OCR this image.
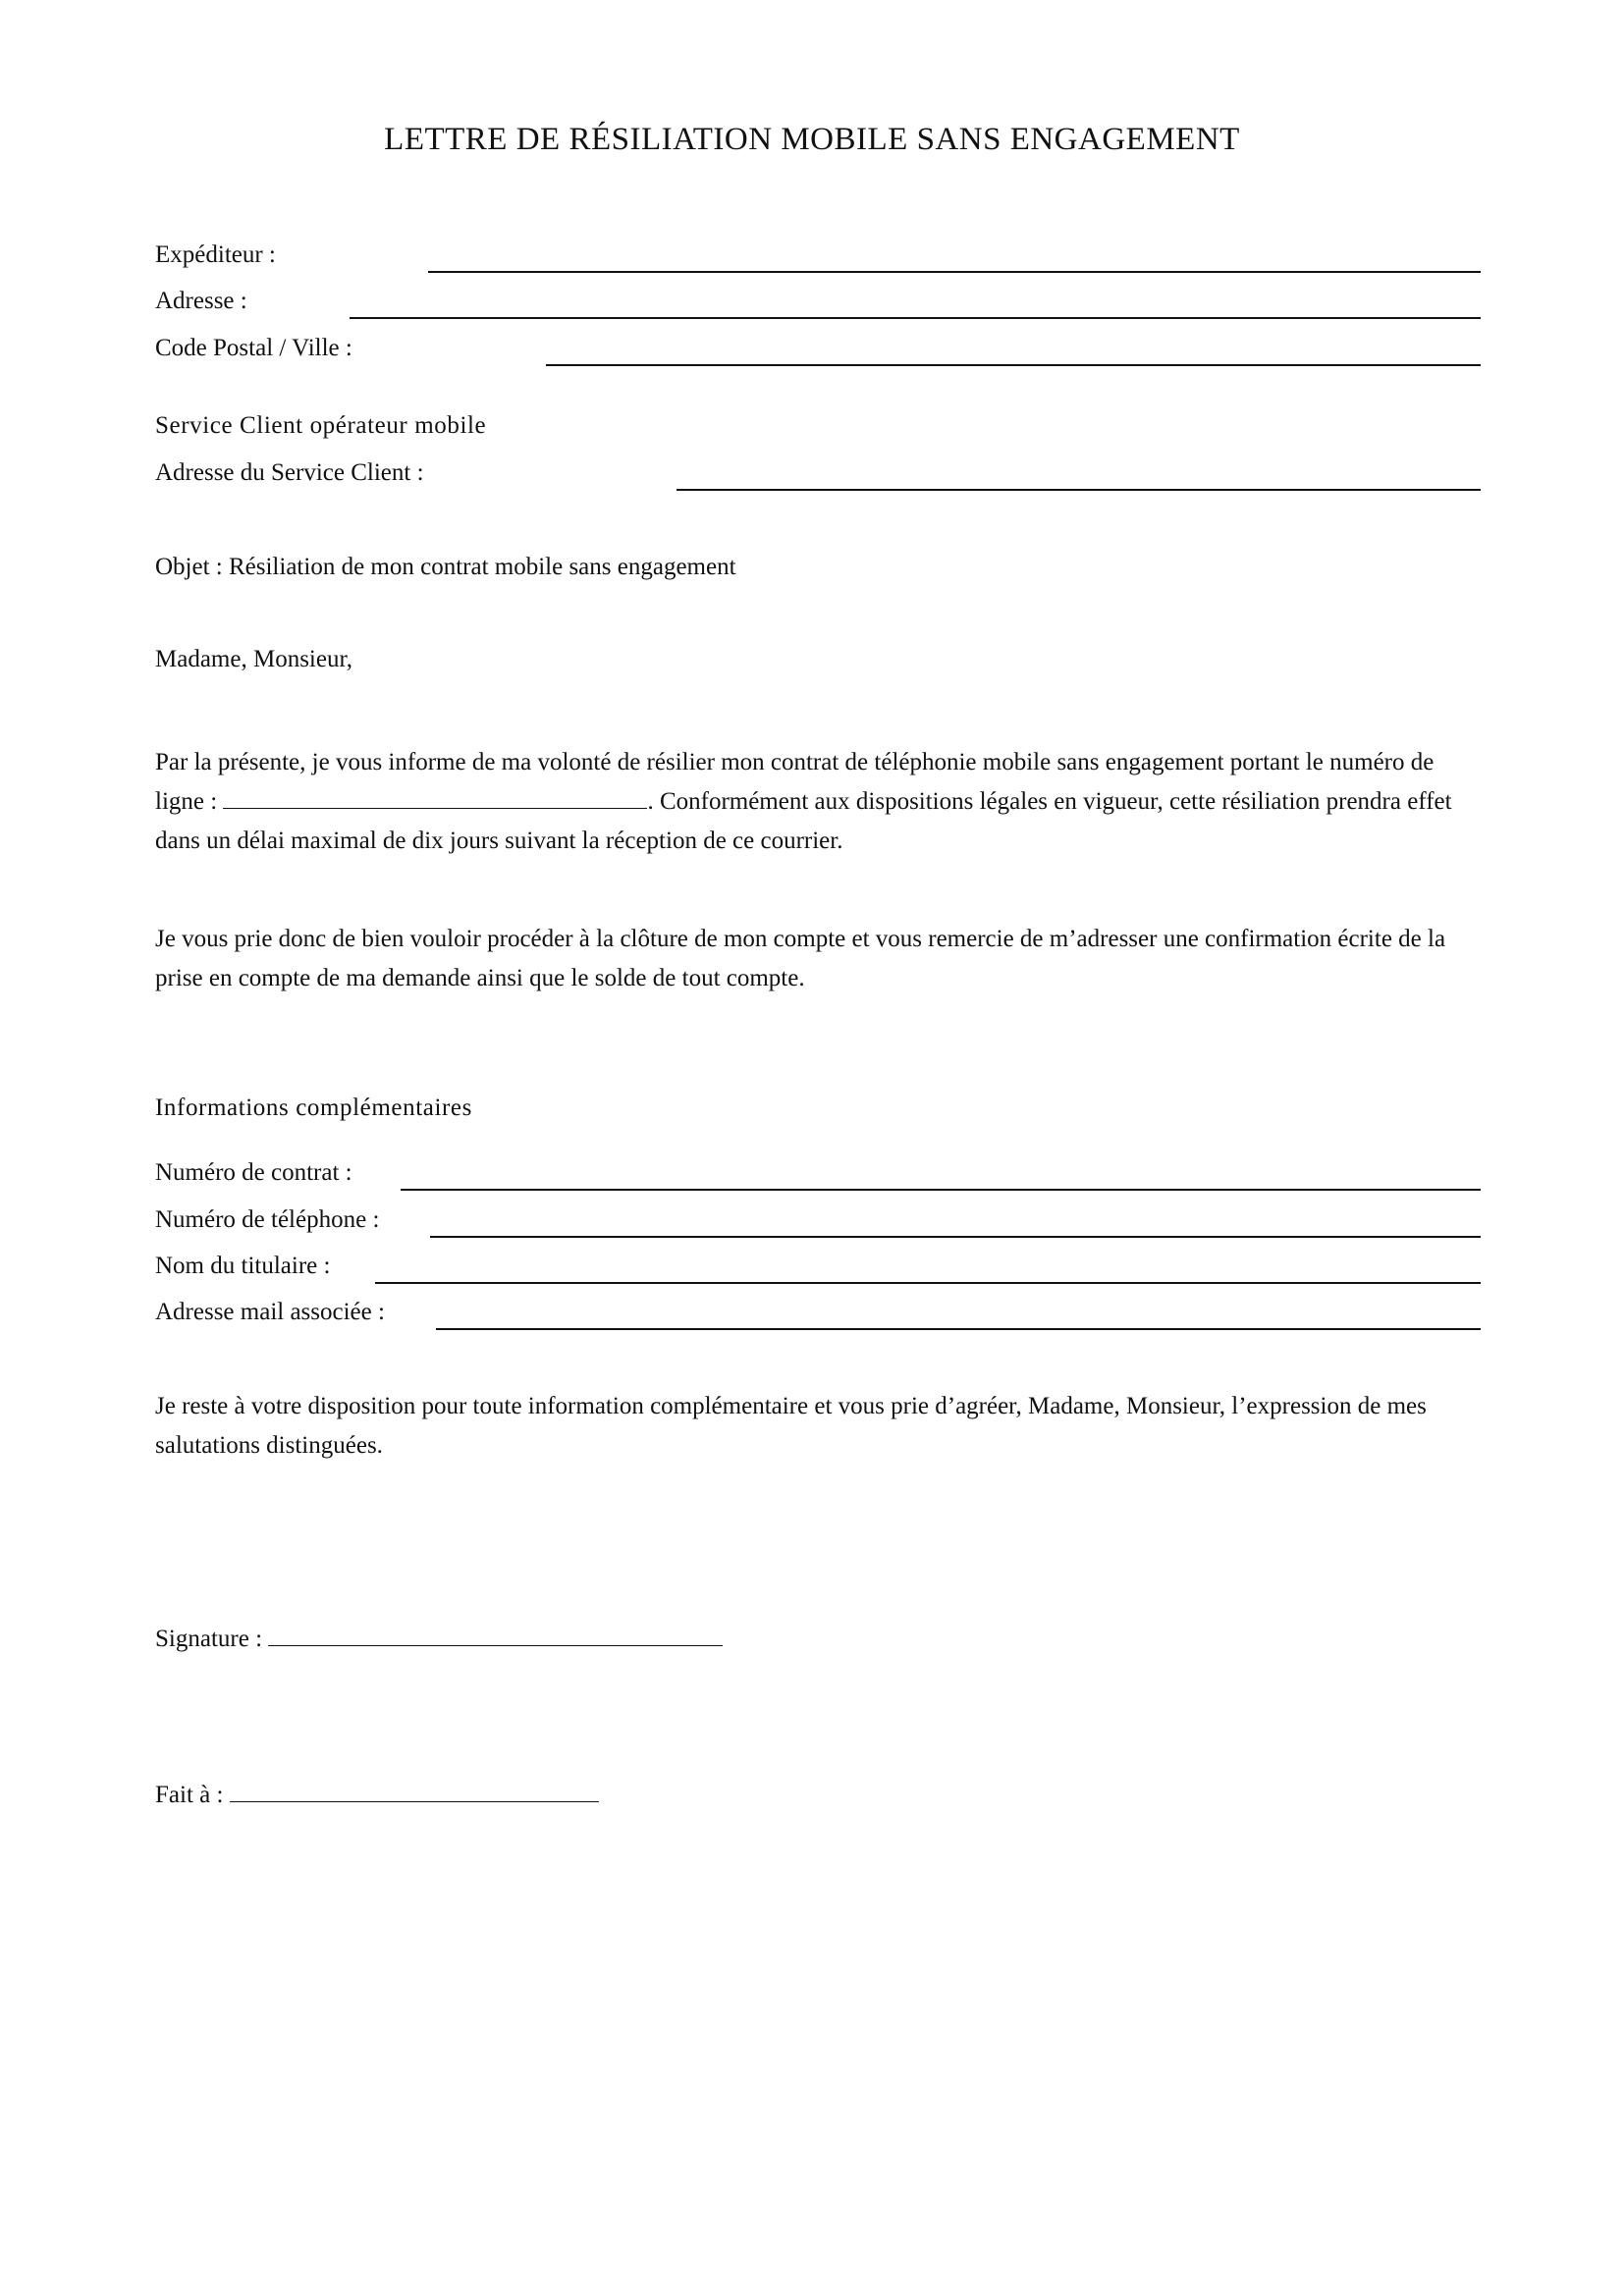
LETTRE DE RÉSILIATION MOBILE SANS ENGAGEMENT
Expéditeur :
Adresse :
Code Postal / Ville :
Service Client opérateur mobile
Adresse du Service Client :
Objet : Résiliation de mon contrat mobile sans engagement
Madame, Monsieur,
Par la présente, je vous informe de ma volonté de résilier mon contrat de téléphonie mobile sans engagement portant le numéro de ligne :	. Conformément aux dispositions légales en vigueur, cette résiliation prendra effet dans un délai maximal de dix jours suivant la réception de ce courrier.
Je vous prie donc de bien vouloir procéder à la clôture de mon compte et vous remercie de m’adresser une confirmation écrite de la prise en compte de ma demande ainsi que le solde de tout compte.
Informations complémentaires
Numéro de contrat :
Numéro de téléphone :
Nom du titulaire :
Adresse mail associée :
Je reste à votre disposition pour toute information complémentaire et vous prie d’agréer, Madame, Monsieur, l’expression de mes salutations distinguées.
Signature :
Fait à :
